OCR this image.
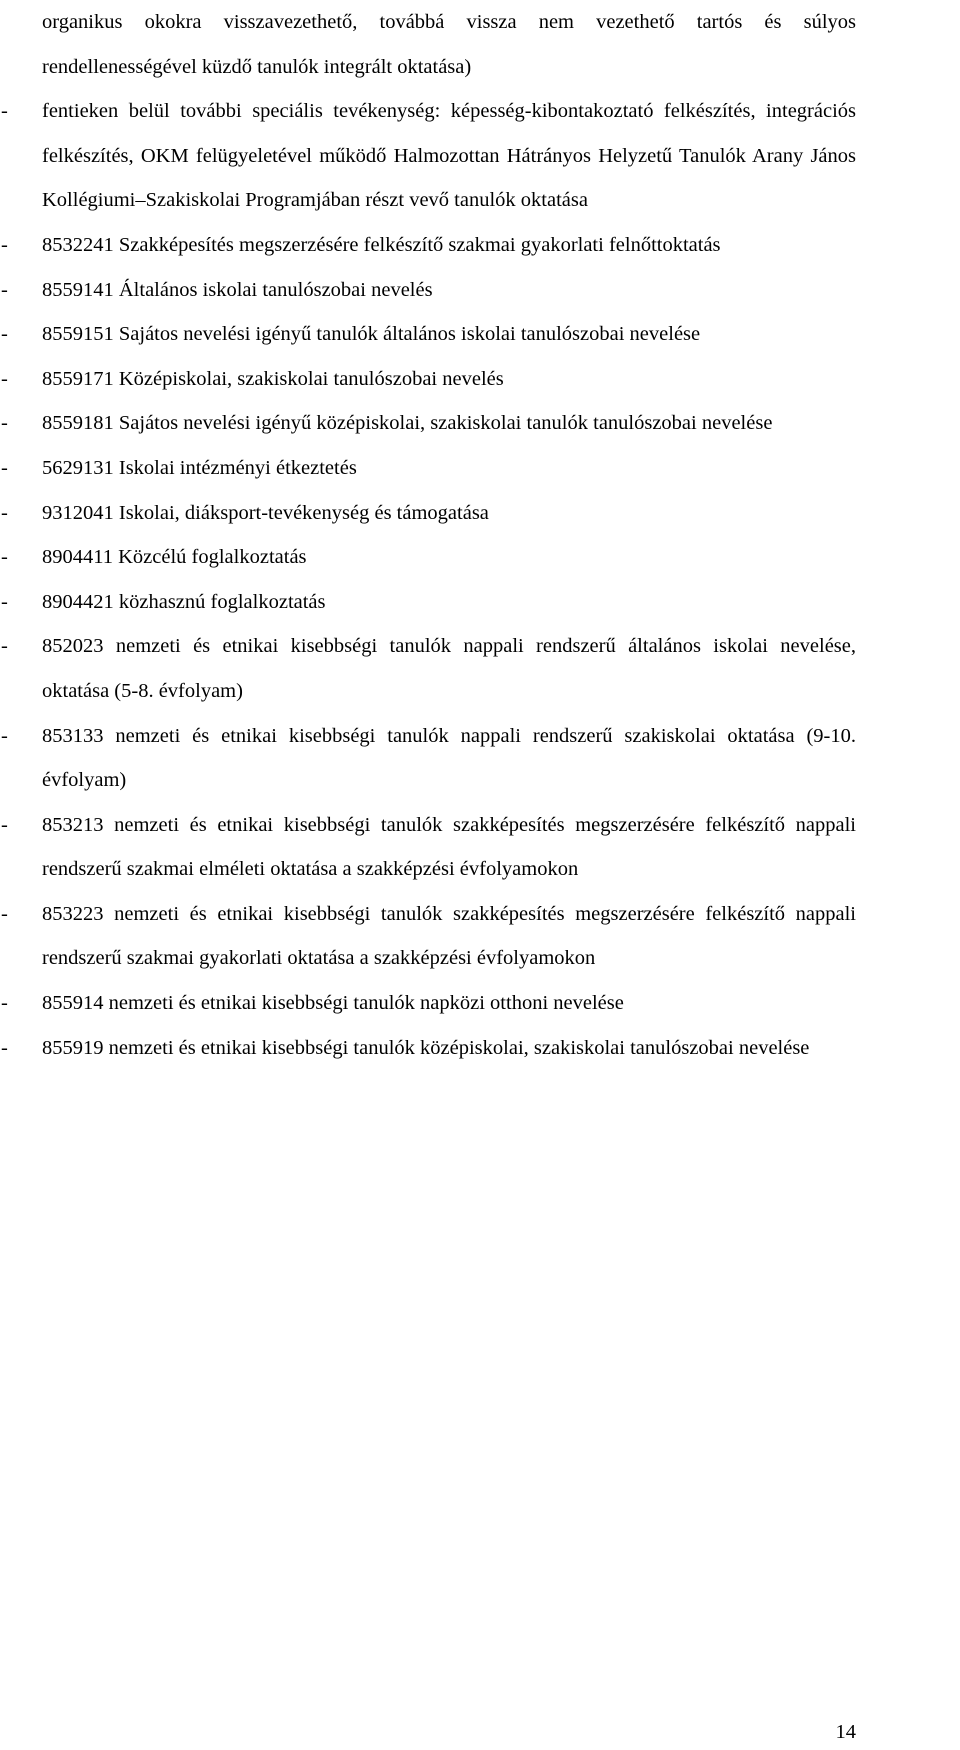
organikus okokra visszavezethető, továbbá vissza nem vezethető tartós és súlyos rendellenességével küzdő tanulók integrált oktatása)
- fentieken belül további speciális tevékenység: képesség-kibontakoztató felkészítés, integrációs felkészítés, OKM felügyeletével működő Halmozottan Hátrányos Helyzetű Tanulók Arany János Kollégiumi–Szakiskolai Programjában részt vevő tanulók oktatása
- 8532241 Szakképesítés megszerzésére felkészítő szakmai gyakorlati felnőttoktatás
- 8559141 Általános iskolai tanulószobai nevelés
- 8559151 Sajátos nevelési igényű tanulók általános iskolai tanulószobai nevelése
- 8559171 Középiskolai, szakiskolai tanulószobai nevelés
- 8559181 Sajátos nevelési igényű középiskolai, szakiskolai tanulók tanulószobai nevelése
- 5629131 Iskolai intézményi étkeztetés
- 9312041 Iskolai, diáksport-tevékenység és támogatása
- 8904411 Közcélú foglalkoztatás
- 8904421 közhasznú foglalkoztatás
- 852023 nemzeti és etnikai kisebbségi tanulók nappali rendszerű általános iskolai nevelése, oktatása (5-8. évfolyam)
- 853133 nemzeti és etnikai kisebbségi tanulók nappali rendszerű szakiskolai oktatása (9-10. évfolyam)
- 853213 nemzeti és etnikai kisebbségi tanulók szakképesítés megszerzésére felkészítő nappali rendszerű szakmai elméleti oktatása a szakképzési évfolyamokon
- 853223 nemzeti és etnikai kisebbségi tanulók szakképesítés megszerzésére felkészítő nappali rendszerű szakmai gyakorlati oktatása a szakképzési évfolyamokon
- 855914 nemzeti és etnikai kisebbségi tanulók napközi otthoni nevelése
- 855919 nemzeti és etnikai kisebbségi tanulók középiskolai, szakiskolai tanulószobai nevelése
14
